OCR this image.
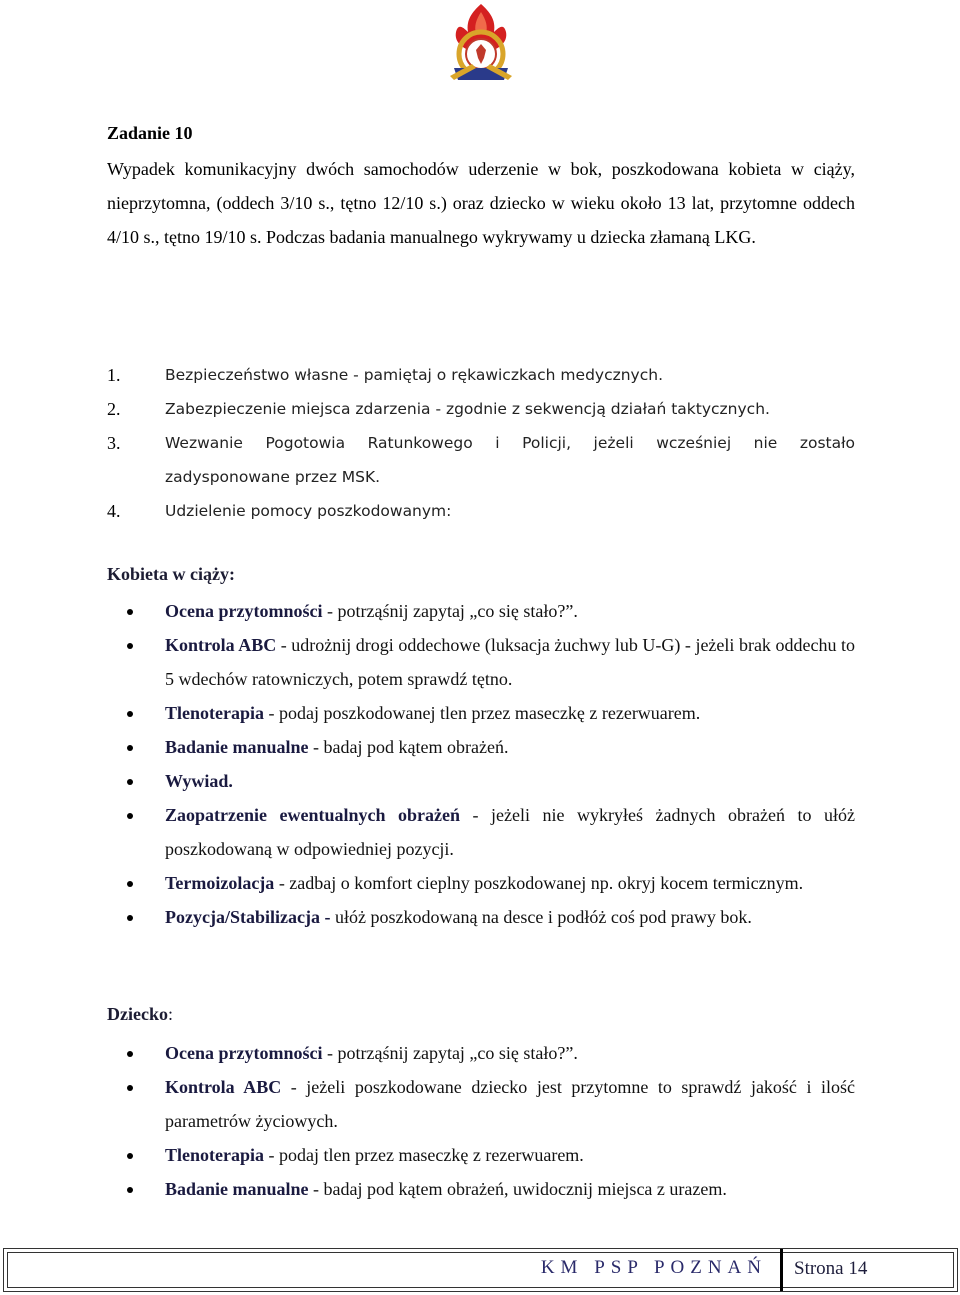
Zadanie 10

Wypadek komunikacyjny dwóch samochodów uderzenie w bok, poszkodowana kobieta w ciąży, nieprzytomna, (oddech 3/10 s., tętno 12/10 s.) oraz dziecko w wieku około 13 lat, przytomne oddech 4/10 s., tętno 19/10 s. Podczas badania manualnego wykrywamy u dziecka złamaną LKG.

1.	Bezpieczeństwo własne - pamiętaj o rękawiczkach medycznych.
2.	Zabezpieczenie miejsca zdarzenia - zgodnie z sekwencją działań taktycznych.
3.	Wezwanie Pogotowia Ratunkowego i Policji, jeżeli wcześniej nie zostało
zadysponowane przez MSK.
4.	Udzielenie pomocy poszkodowanym:
Kobieta w ciąży:
Ocena przytomności - potrząśnij zapytaj „co się stało?”.
Kontrola ABC - udrożnij drogi oddechowe (luksacja żuchwy lub U-G) - jeżeli brak oddechu to 5 wdechów ratowniczych, potem sprawdź tętno.
Tlenoterapia - podaj poszkodowanej tlen przez maseczkę z rezerwuarem.
Badanie manualne - badaj pod kątem obrażeń.
Wywiad.
Zaopatrzenie ewentualnych obrażeń - jeżeli nie wykryłeś żadnych obrażeń to ułóż poszkodowaną w odpowiedniej pozycji.
Termoizolacja - zadbaj o komfort cieplny poszkodowanej np. okryj kocem termicznym.
Pozycja/Stabilizacja - ułóż poszkodowaną na desce i podłóż coś pod prawy bok.
Dziecko:
Ocena przytomności - potrząśnij zapytaj „co się stało?”.
Kontrola ABC - jeżeli poszkodowane dziecko jest przytomne to sprawdź jakość i ilość parametrów życiowych.
Tlenoterapia - podaj tlen przez maseczkę z rezerwuarem.
Badanie manualne - badaj pod kątem obrażeń, uwidocznij miejsca z urazem.
KM PSP POZNAŃ Strona 14
